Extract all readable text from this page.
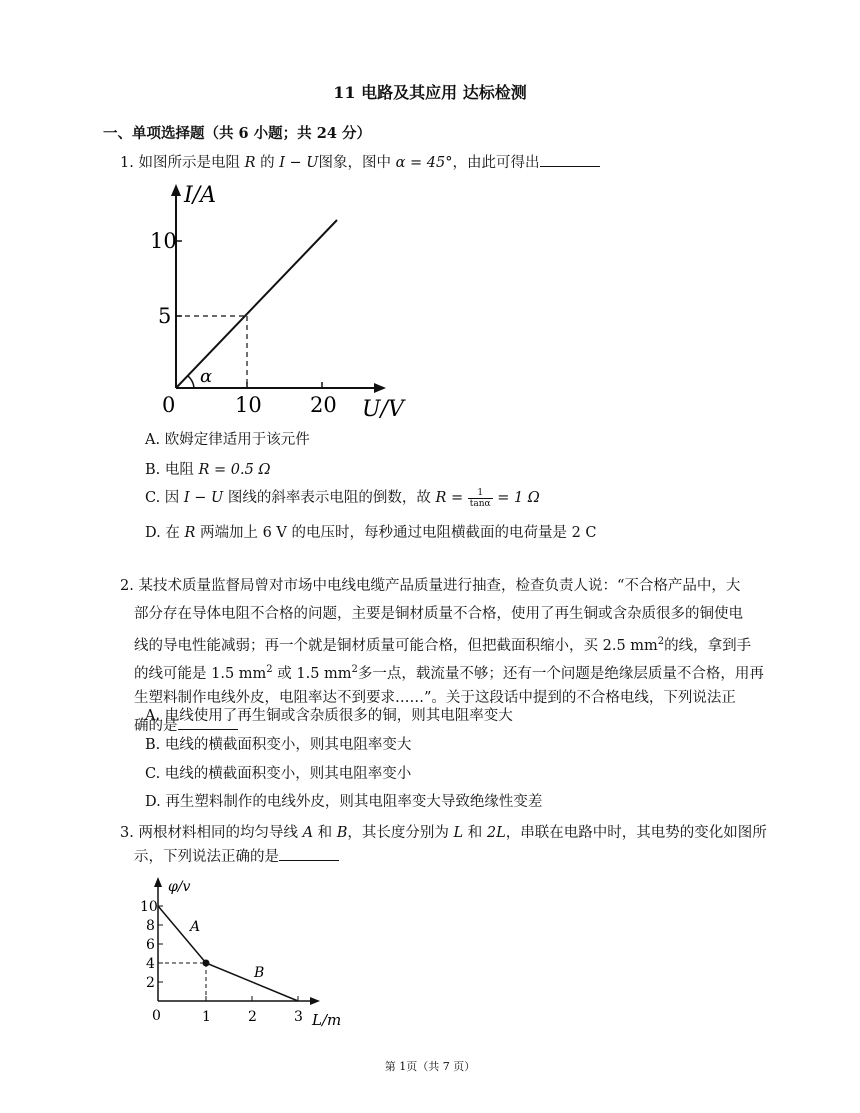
11 电路及其应用 达标检测
一、单项选择题（共 6 小题；共 24 分）
1. 如图所示是电阻 R 的 I − U图象，图中 α = 45°，由此可得出
α
I/A
U/V
10
5
0	10 20
A. 欧姆定律适用于该元件
B. 电阻 R = 0.5 Ω
C. 因 I − U 图线的斜率表示电阻的倒数，故 $R = \frac{1}{\tan\alpha} = 1$ Ω
D. 在 R 两端加上 6 V 的电压时，每秒通过电阻横截面的电荷量是 2 C
2. 某技术质量监督局曾对市场中电线电缆产品质量进行抽查，检查负责人说：“不合格产品中，大
部分存在导体电阻不合格的问题，主要是铜材质量不合格，使用了再生铜或含杂质很多的铜使电
线的导电性能减弱；再一个就是铜材质量可能合格，但把截面积缩小，买 2.5 $mm^2$的线，拿到手
的线可能是 1.5 $mm^2$ 或 1.5 $mm^2$多一点，载流量不够；还有一个问题是绝缘层质量不合格，用再
生塑料制作电线外皮，电阻率达不到要求……”。关于这段话中提到的不合格电线，下列说法正
确的是
A. 电线使用了再生铜或含杂质很多的铜，则其电阻率变大
B. 电线的横截面积变小，则其电阻率变大
C. 电线的横截面积变小，则其电阻率变小
D. 再生塑料制作的电线外皮，则其电阻率变大导致绝缘性变差
3. 两根材料相同的均匀导线 A 和 B，其长度分别为 L 和 2L，串联在电路中时，其电势的变化如图所
示，下列说法正确的是
φ/v
L/m
10
8
6
4
2
0	1	2	3
A
B
第 1页（共 7 页）
